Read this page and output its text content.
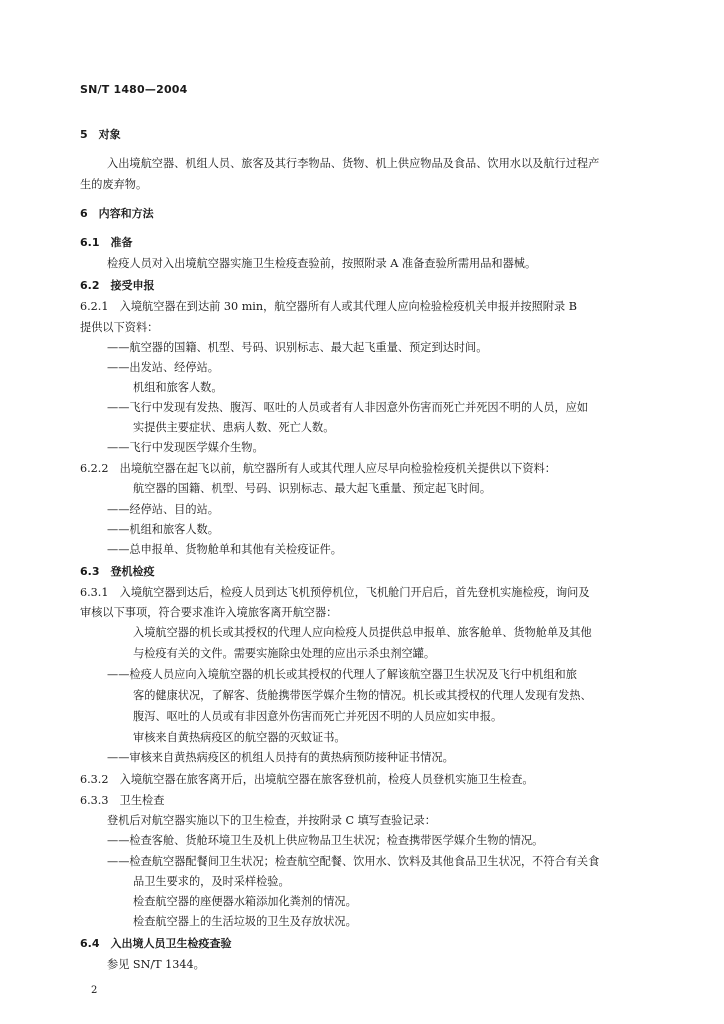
SN/T 1480—2004
5　对象
入出境航空器、机组人员、旅客及其行李物品、货物、机上供应物品及食品、饮用水以及航行过程产
生的废弃物。
6　内容和方法
6.1　准备
检疫人员对入出境航空器实施卫生检疫查验前，按照附录 A 准备查验所需用品和器械。
6.2　接受申报
6.2.1　入境航空器在到达前 30 min，航空器所有人或其代理人应向检验检疫机关申报并按照附录 B
提供以下资料：
——航空器的国籍、机型、号码、识别标志、最大起飞重量、预定到达时间。
——出发站、经停站。
机组和旅客人数。
——飞行中发现有发热、腹泻、呕吐的人员或者有人非因意外伤害而死亡并死因不明的人员，应如
实提供主要症状、患病人数、死亡人数。
——飞行中发现医学媒介生物。
6.2.2　出境航空器在起飞以前，航空器所有人或其代理人应尽早向检验检疫机关提供以下资料：
航空器的国籍、机型、号码、识别标志、最大起飞重量、预定起飞时间。
——经停站、目的站。
——机组和旅客人数。
——总申报单、货物舱单和其他有关检疫证件。
6.3　登机检疫
6.3.1　入境航空器到达后，检疫人员到达飞机预停机位，飞机舱门开启后，首先登机实施检疫，询问及
审核以下事项，符合要求准许入境旅客离开航空器：
入境航空器的机长或其授权的代理人应向检疫人员提供总申报单、旅客舱单、货物舱单及其他
与检疫有关的文件。需要实施除虫处理的应出示杀虫剂空罐。
——检疫人员应向入境航空器的机长或其授权的代理人了解该航空器卫生状况及飞行中机组和旅
客的健康状况，了解客、货舱携带医学媒介生物的情况。机长或其授权的代理人发现有发热、
腹泻、呕吐的人员或有非因意外伤害而死亡并死因不明的人员应如实申报。
审核来自黄热病疫区的航空器的灭蚊证书。
——审核来自黄热病疫区的机组人员持有的黄热病预防接种证书情况。
6.3.2　入境航空器在旅客离开后，出境航空器在旅客登机前，检疫人员登机实施卫生检查。
6.3.3　卫生检查
登机后对航空器实施以下的卫生检查，并按附录 C 填写查验记录：
——检查客舱、货舱环境卫生及机上供应物品卫生状况；检查携带医学媒介生物的情况。
——检查航空器配餐间卫生状况；检查航空配餐、饮用水、饮料及其他食品卫生状况，不符合有关食
品卫生要求的，及时采样检验。
检查航空器的座便器水箱添加化粪剂的情况。
检查航空器上的生活垃圾的卫生及存放状况。
6.4　入出境人员卫生检疫查验
参见 SN/T 1344。
2
